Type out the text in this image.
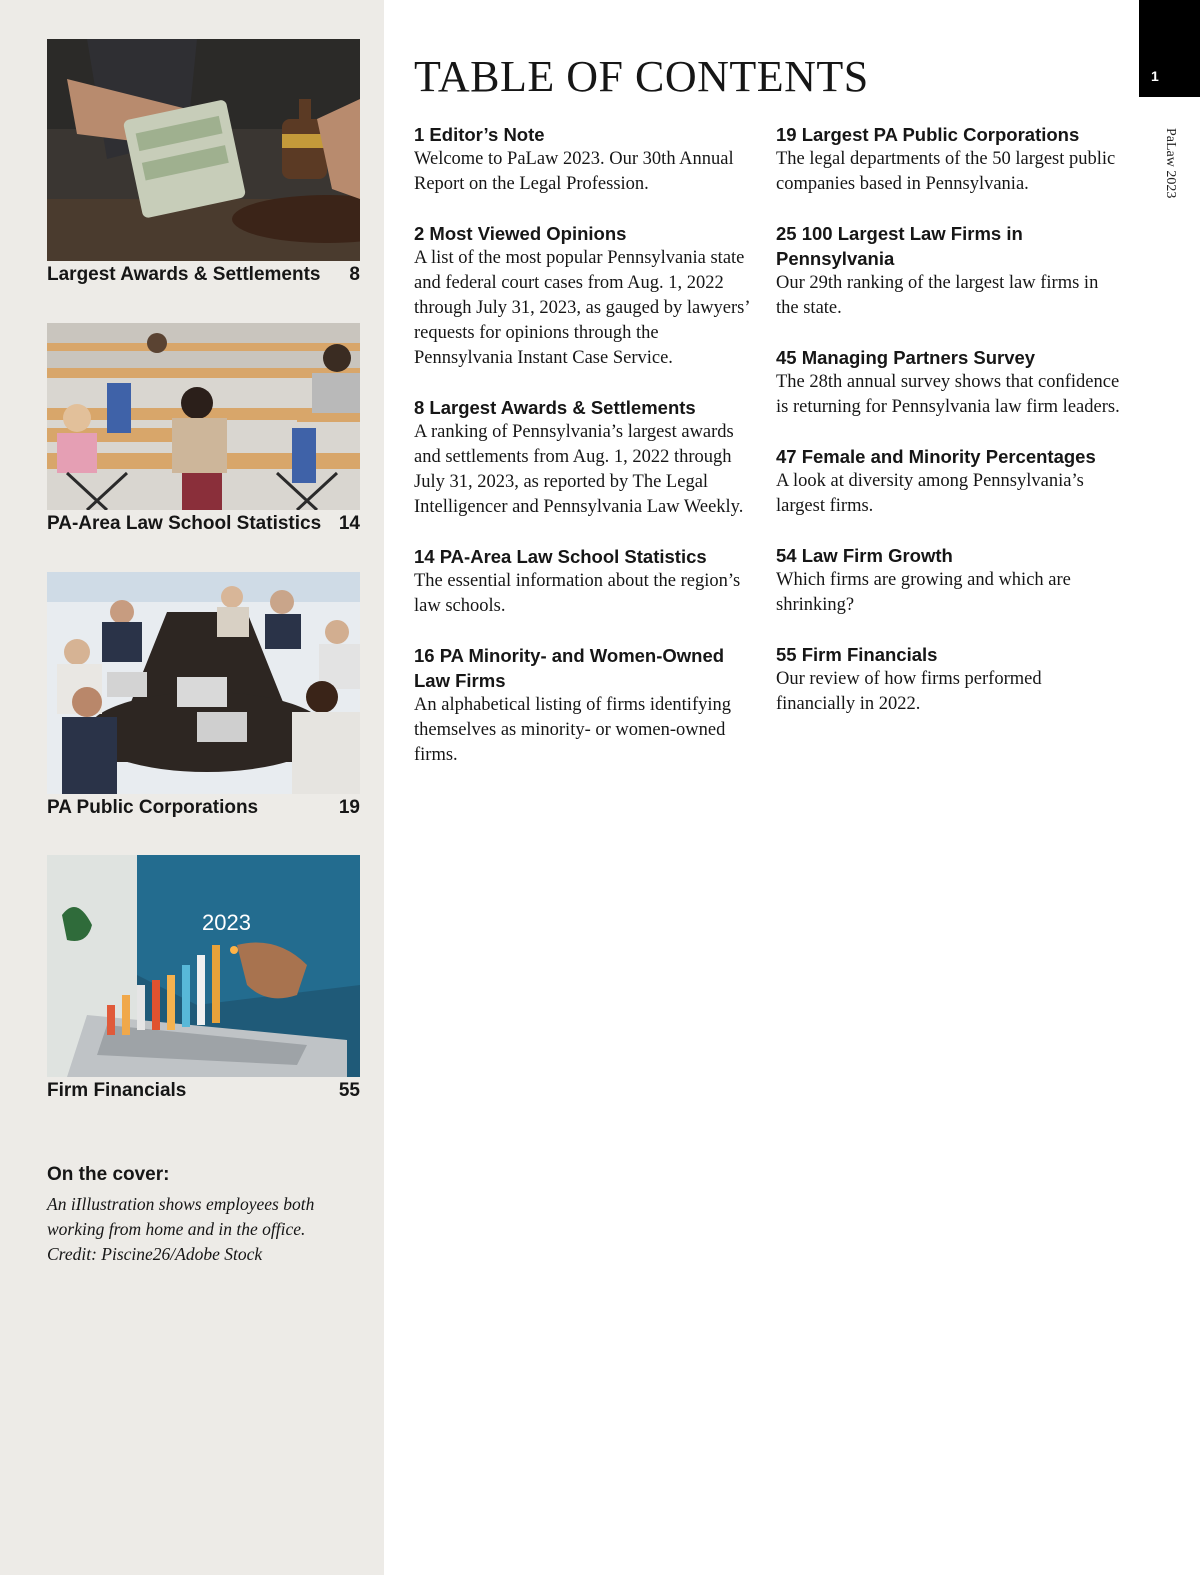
Largest Awards & Settlements 8
PA-Area Law School Statistics 14
PA Public Corporations	19
2023
Firm Financials	55
On the cover:
An iIllustration shows employees both
working from home and in the office.
Credit: Piscine26/Adobe Stock
TABLE OF CONTENTS
1 Editor’s Note
Welcome to PaLaw 2023. Our 30th Annual Report on the Legal Profession.
2 Most Viewed Opinions
A list of the most popular Pennsylvania state and federal court cases from Aug. 1, 2022 through July 31, 2023, as gauged by lawyers’ requests for opinions through the Pennsylvania Instant Case Service.
8 Largest Awards & Settlements
A ranking of Pennsylvania’s largest awards and settlements from Aug. 1, 2022 through July 31, 2023, as reported by The Legal Intelligencer and Pennsylvania Law Weekly.
14 PA-Area Law School Statistics
The essential information about the region’s law schools.
16 PA Minority- and Women-Owned Law Firms
An alphabetical listing of firms identifying themselves as minority- or women-owned firms.
19 Largest PA Public Corporations
The legal departments of the 50 largest public companies based in Pennsylvania.
25 100 Largest Law Firms in Pennsylvania
Our 29th ranking of the largest law firms in the state.
45 Managing Partners Survey
The 28th annual survey shows that confidence is returning for Pennsylvania law firm leaders.
47 Female and Minority Percentages
A look at diversity among Pennsylvania’s largest firms.
54 Law Firm Growth
Which firms are growing and which are shrinking?
55 Firm Financials
Our review of how firms performed financially in 2022.
1
PaLaw 2023
